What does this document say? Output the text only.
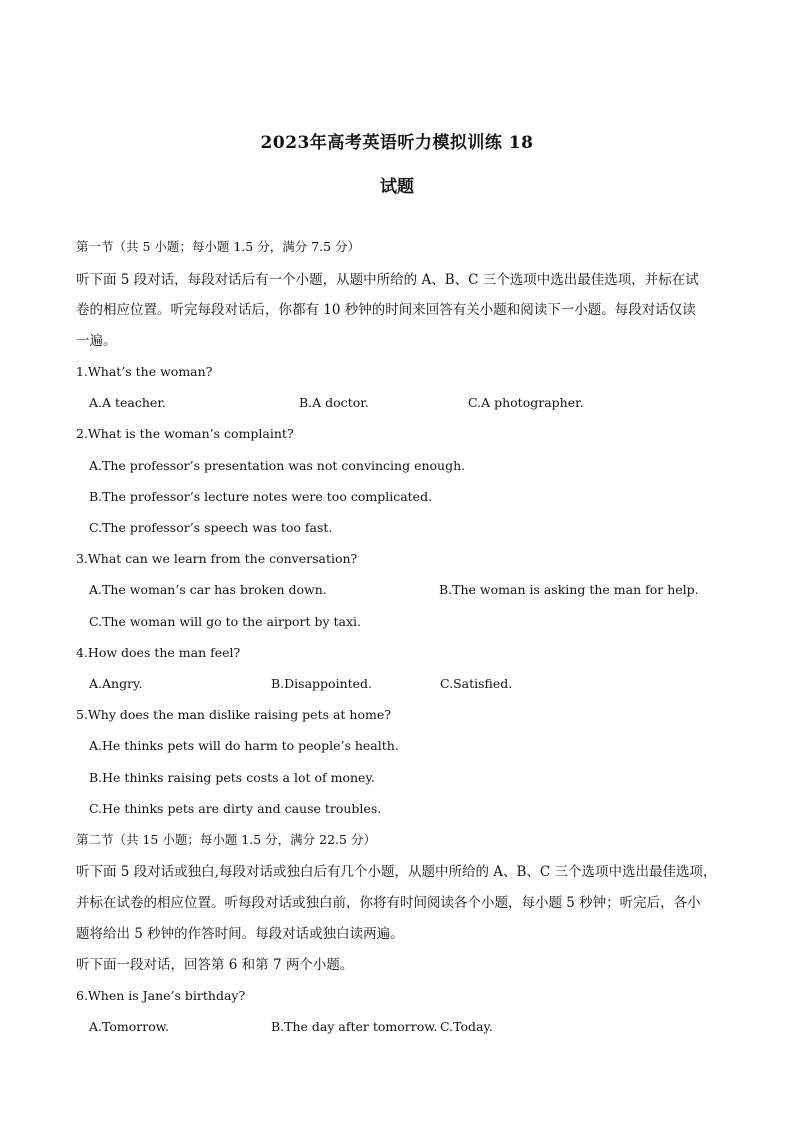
2023年高考英语听力模拟训练 18
试题
第一节（共 5 小题；每小题 1.5 分，满分 7.5 分）
听下面 5 段对话，每段对话后有一个小题，从题中所给的 A、B、C 三个选项中选出最佳选项，并标在试
卷的相应位置。听完每段对话后，你都有 10 秒钟的时间来回答有关小题和阅读下一小题。每段对话仅读
一遍。
1.What’s the woman?
A.A teacher.	B.A doctor.	C.A photographer.
2.What is the woman’s complaint?
A.The professor’s presentation was not convincing enough.
B.The professor’s lecture notes were too complicated.
C.The professor’s speech was too fast.
3.What can we learn from the conversation?
A.The woman’s car has broken down.	B.The woman is asking the man for help.
C.The woman will go to the airport by taxi.
4.How does the man feel?
A.Angry.	B.Disappointed.	C.Satisfied.
5.Why does the man dislike raising pets at home?
A.He thinks pets will do harm to people’s health.
B.He thinks raising pets costs a lot of money.
C.He thinks pets are dirty and cause troubles.
第二节（共 15 小题；每小题 1.5 分，满分 22.5 分）
听下面 5 段对话或独白,每段对话或独白后有几个小题，从题中所给的 A、B、C 三个选项中选出最佳选项，
并标在试卷的相应位置。听每段对话或独白前，你将有时间阅读各个小题，每小题 5 秒钟；听完后，各小
题将给出 5 秒钟的作答时间。每段对话或独白读两遍。
听下面一段对话，回答第 6 和第 7 两个小题。
6.When is Jane’s birthday?
A.Tomorrow.	B.The day after tomorrow. C.Today.
